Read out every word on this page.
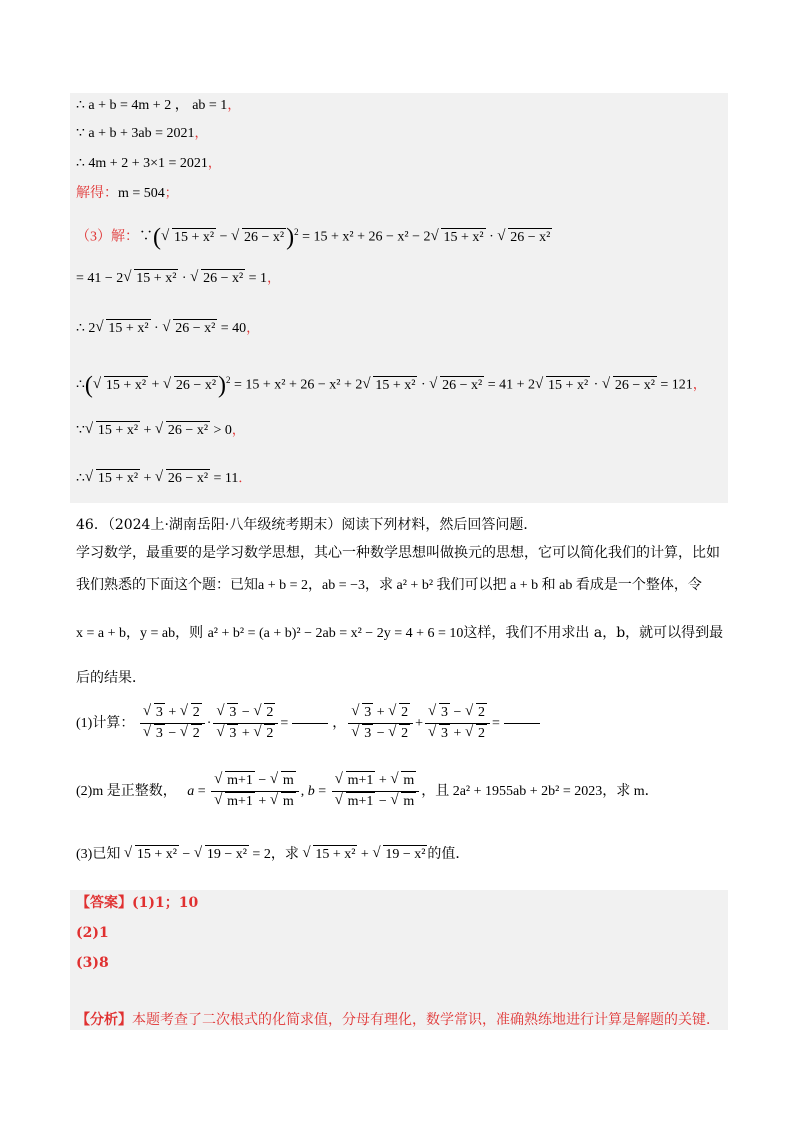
∴ a + b = 4m + 2 ， ab = 1，
∵ a + b + 3ab = 2021，
∴ 4m + 2 + 3×1 = 2021，
解得：m = 504；
（3）解：∵( √ 15 + x² − √ 26 − x²)$^2$ = 15 + x² + 26 − x² − 2 √ 15 + x² · √ 26 − x²
= 41 − 2 √ 15 + x² · √ 26 − x² = 1，
∴ 2 √ 15 + x² · √ 26 − x² = 40，
∴( √ 15 + x² + √ 26 − x²)$^2$ = 15 + x² + 26 − x² + 2 √ 15 + x² · √ 26 − x² = 41 + 2 √ 15 + x² · √ 26 − x² = 121，
∵ √ 15 + x² + √ 26 − x² > 0，
∴ √ 15 + x² + √ 26 − x² = 11．
46．（2024上·湖南岳阳·八年级统考期末）阅读下列材料，然后回答问题．
学习数学，最重要的是学习数学思想，其心一种数学思想叫做换元的思想，它可以简化我们的计算，比如
我们熟悉的下面这个题：已知a + b = 2，ab = −3，求 a² + b² 我们可以把 a + b 和 ab 看成是一个整体，令
x = a + b，y = ab，则 a² + b² = (a + b)² − 2ab = x² − 2y = 4 + 6 = 10这样，我们不用求出 a，b，就可以得到最
后的结果．
(1)计算： √ 3 + √ 2
√ 3 − √ 2 · √ 3 − √ 2
√ 3 + √ 2 =	， √ 3 + √ 2
√ 3 − √ 2 + √ 3 − √ 2
√ 3 + √ 2 =
(2)m 是正整数， a = √ m+1 − √ m
√ m+1 + √ m , b = √ m+1 + √ m
√ m+1 − √ m ，且 2a² + 1955ab + 2b² = 2023，求 m．
(3)已知 √ 15 + x² − √ 19 − x² = 2，求 √ 15 + x² + √ 19 − x² 的值．
【答案】(1)1；10
(2)1
(3)8
【分析】本题考查了二次根式的化简求值，分母有理化，数学常识，准确熟练地进行计算是解题的关键．
